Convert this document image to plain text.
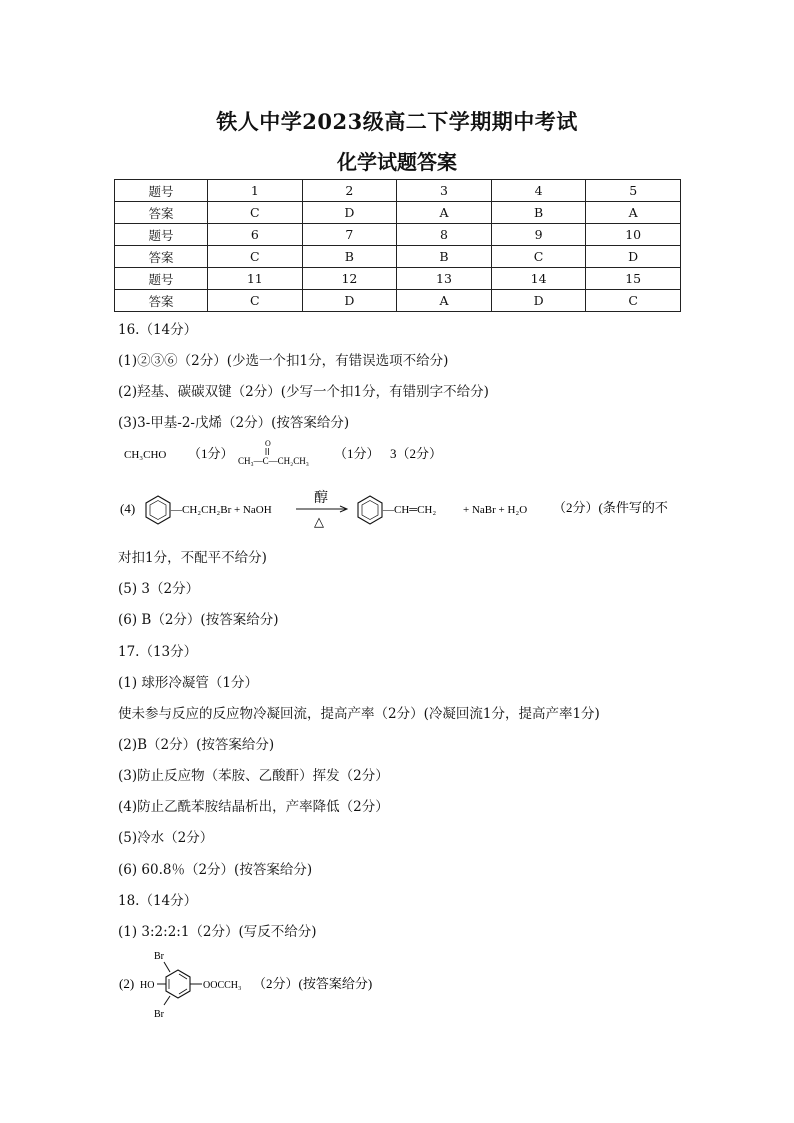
铁人中学2023级高二下学期期中考试
化学试题答案
题号	1	2	3	4	5
答案	C	D	A	B	A
题号	6	7	8	9	10
答案	C	B	B	C	D
题号	11	12	13	14	15
答案	C	D	A	D	C
16.（14分）
(1)②③⑥（2分）(少选一个扣1分，有错误选项不给分)
(2)羟基、碳碳双键（2分）(少写一个扣1分，有错别字不给分)
(3)3-甲基-2-戊烯（2分）(按答案给分)
CH₃CHO （1分）
O
CH₃—C—CH₂CH₃ （1分） 3（2分）
(4)	—CH₂CH₂Br + NaOH
醇
△
—CH═CH₂ + NaBr + H₂O （2分）(条件写的不
对扣1分，不配平不给分)
(5) 3（2分）
(6) B（2分）(按答案给分)
17.（13分）
(1) 球形冷凝管（1分）
使未参与反应的反应物冷凝回流，提高产率（2分）(冷凝回流1分，提高产率1分)
(2)B（2分）(按答案给分)
(3)防止反应物（苯胺、乙酸酐）挥发（2分）
(4)防止乙酰苯胺结晶析出，产率降低（2分）
(5)冷水（2分）
(6) 60.8％（2分）(按答案给分)
18.（14分）
(1) 3:2:2:1（2分）(写反不给分)
(2)
Br
HO	OOCCH₃
Br
（2分）(按答案给分)
